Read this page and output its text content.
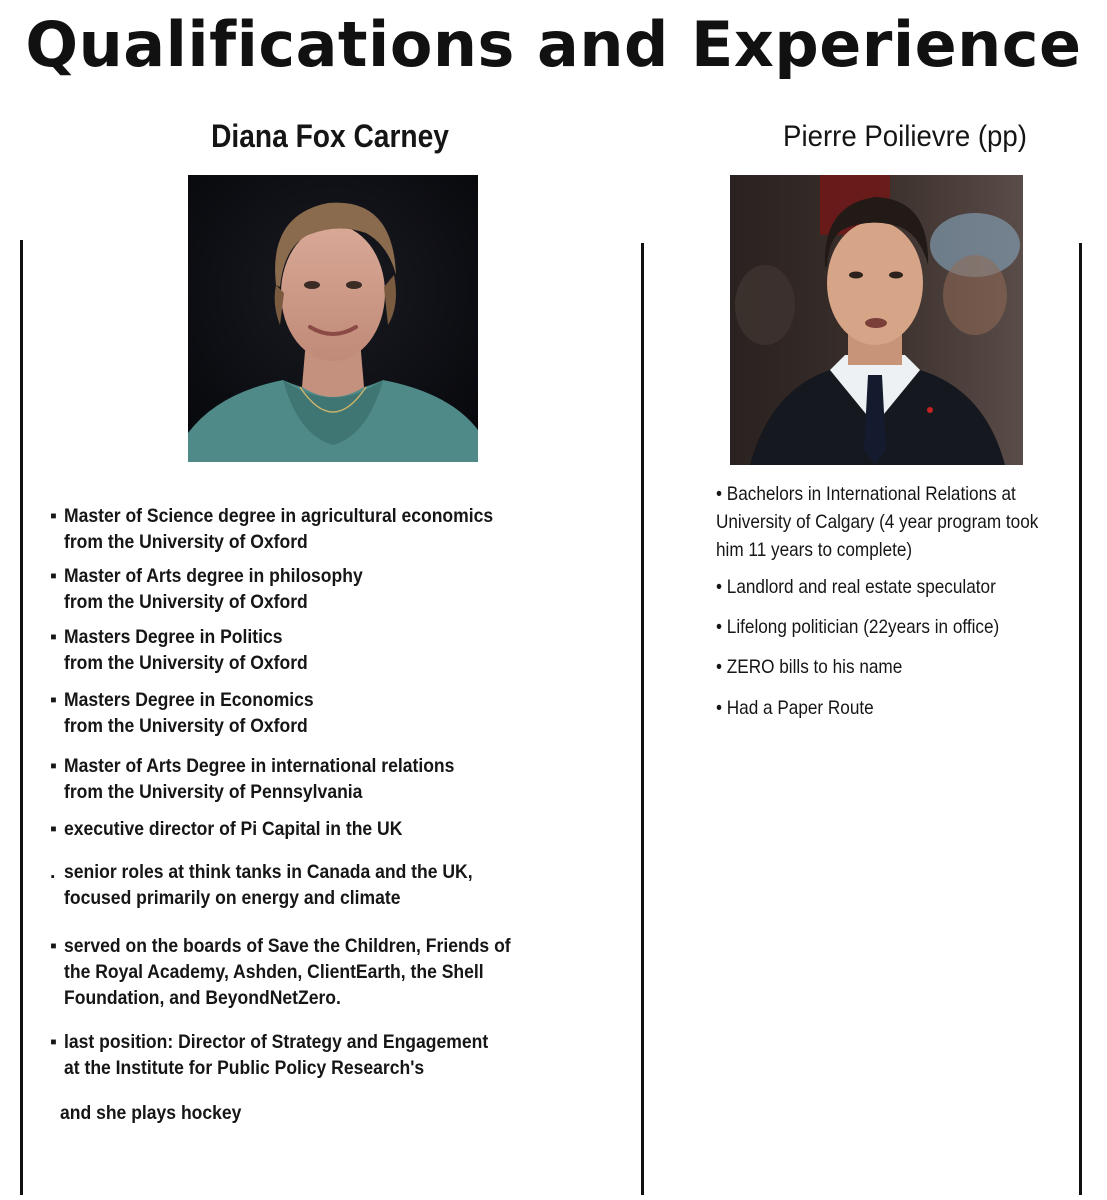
Qualifications and Experience
Diana Fox Carney	Pierre Poilievre (pp)
▪ Master of Science degree in agricultural economics
from the University of Oxford
▪ Master of Arts degree in philosophy
from the University of Oxford
▪ Masters Degree in Politics
from the University of Oxford
▪ Masters Degree in Economics
from the University of Oxford
▪ Master of Arts Degree in international relations
from the University of Pennsylvania
▪ executive director of Pi Capital in the UK
. senior roles at think tanks in Canada and the UK,
focused primarily on energy and climate
▪ served on the boards of Save the Children, Friends of
the Royal Academy, Ashden, ClientEarth, the Shell
Foundation, and BeyondNetZero.
▪ last position: Director of Strategy and Engagement
at the Institute for Public Policy Research's
and she plays hockey
• Bachelors in International Relations at
University of Calgary (4 year program took
him 11 years to complete)
• Landlord and real estate speculator
• Lifelong politician (22years in office)
• ZERO bills to his name
• Had a Paper Route
